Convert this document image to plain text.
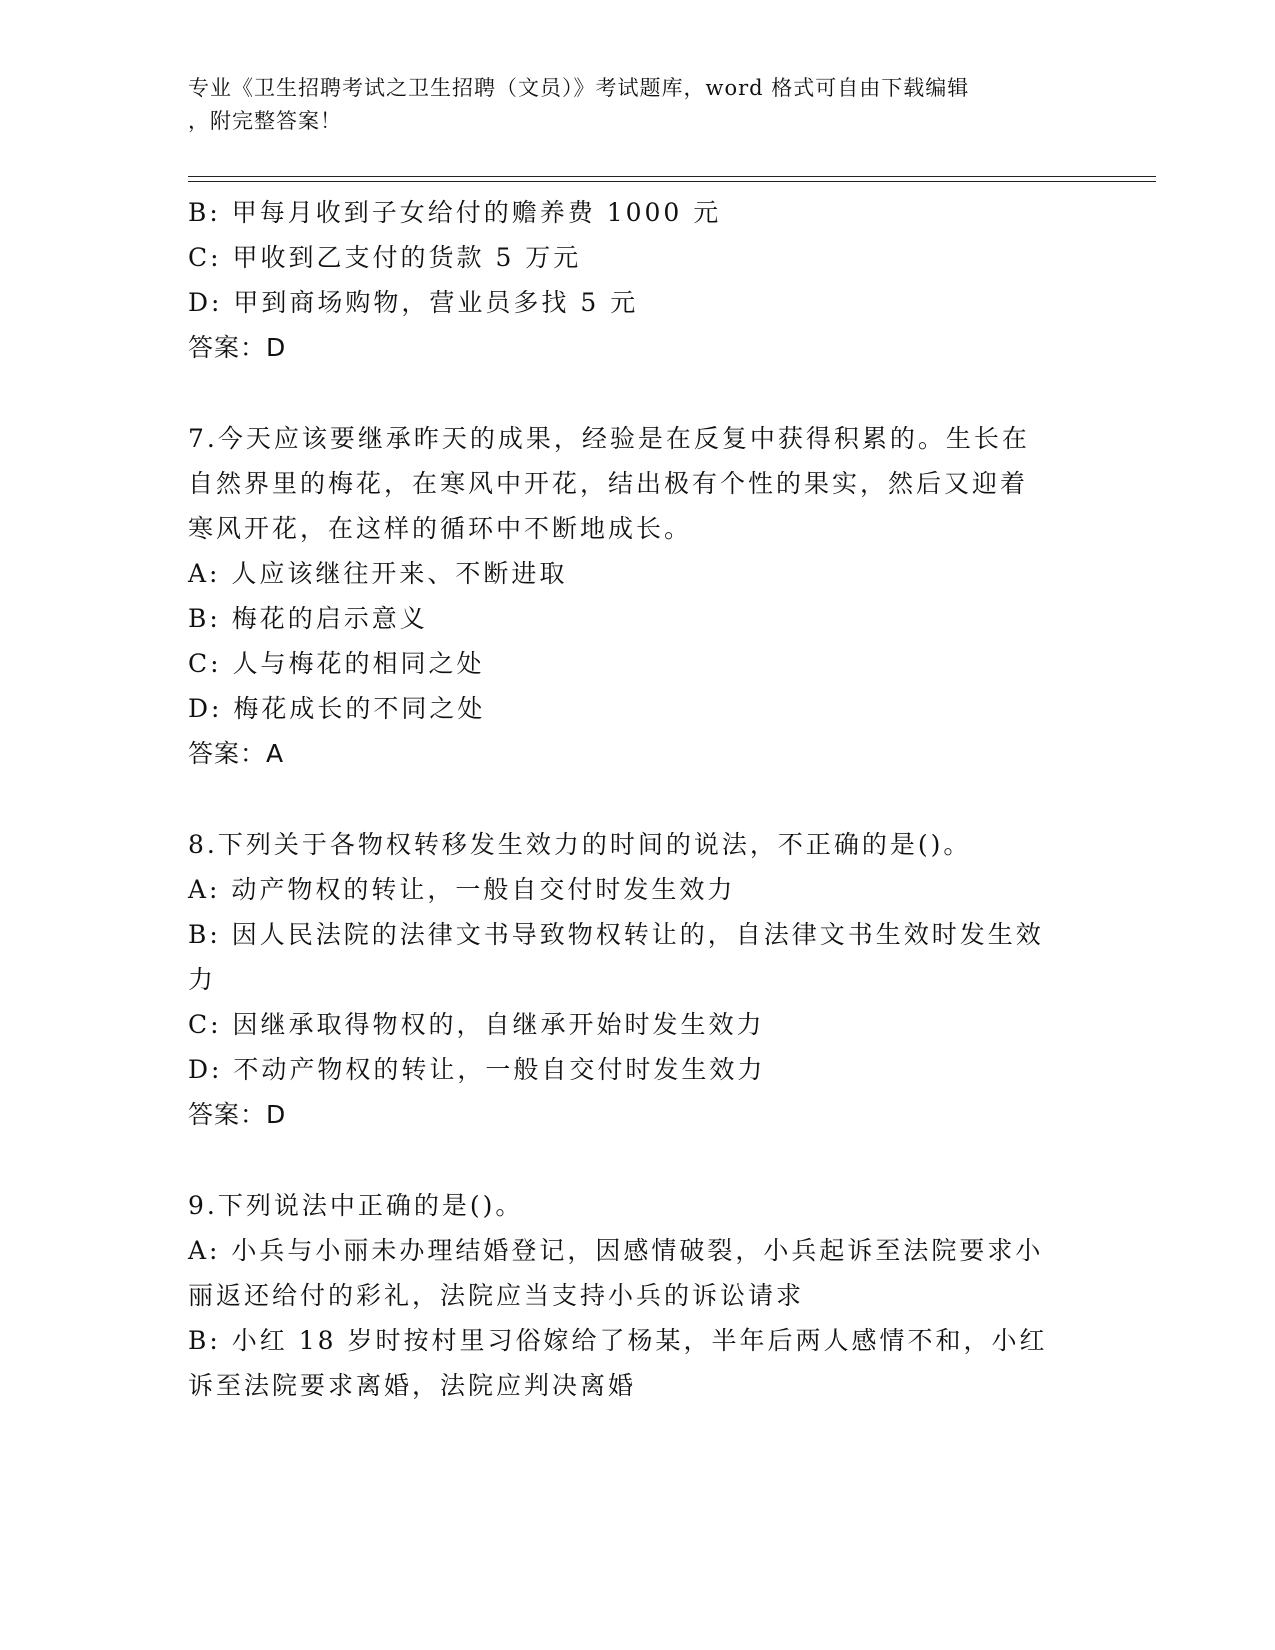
专业《卫生招聘考试之卫生招聘（文员）》考试题库，word 格式可自由下载编辑
，附完整答案！
B: 甲每月收到子女给付的赡养费 1000 元
C: 甲收到乙支付的货款 5 万元
D: 甲到商场购物，营业员多找 5 元
答案：D
7.今天应该要继承昨天的成果，经验是在反复中获得积累的。生长在
自然界里的梅花，在寒风中开花，结出极有个性的果实，然后又迎着
寒风开花，在这样的循环中不断地成长。
A: 人应该继往开来、不断进取
B: 梅花的启示意义
C: 人与梅花的相同之处
D: 梅花成长的不同之处
答案：A
8.下列关于各物权转移发生效力的时间的说法，不正确的是()。
A: 动产物权的转让，一般自交付时发生效力
B: 因人民法院的法律文书导致物权转让的，自法律文书生效时发生效
力
C: 因继承取得物权的，自继承开始时发生效力
D: 不动产物权的转让，一般自交付时发生效力
答案：D
9.下列说法中正确的是()。
A: 小兵与小丽未办理结婚登记，因感情破裂，小兵起诉至法院要求小
丽返还给付的彩礼，法院应当支持小兵的诉讼请求
B: 小红 18 岁时按村里习俗嫁给了杨某，半年后两人感情不和，小红
诉至法院要求离婚，法院应判决离婚
